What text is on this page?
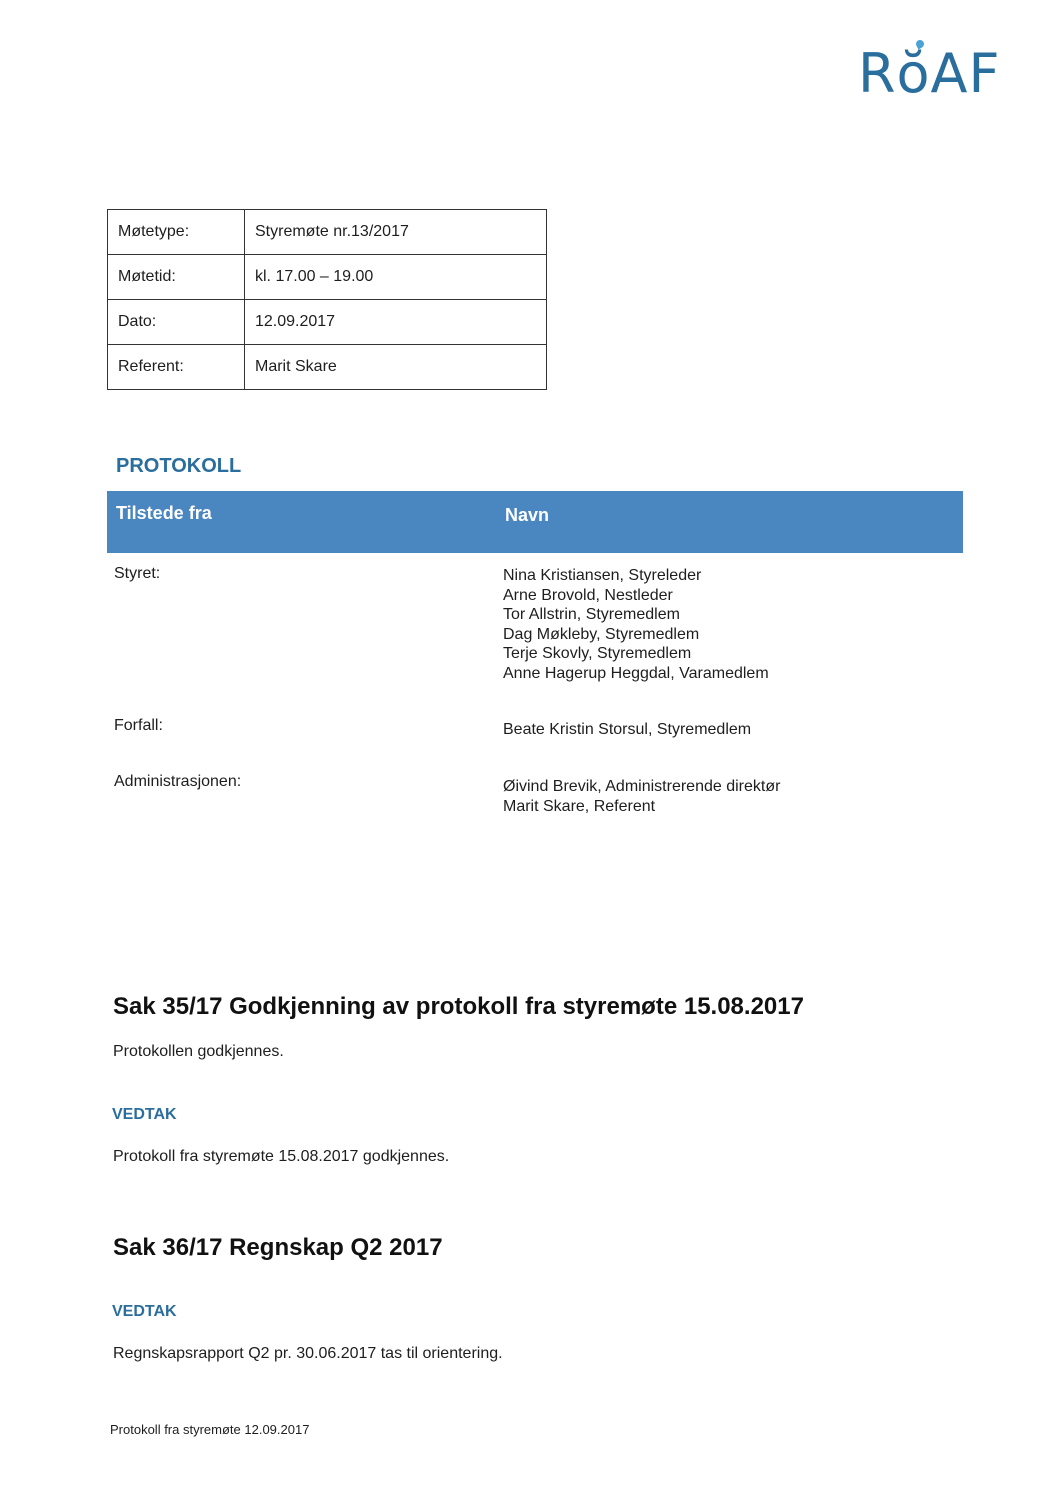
RŏAF
Møtetype:	Styremøte nr.13/2017
Møtetid:	kl. 17.00 – 19.00
Dato:	12.09.2017
Referent:	Marit Skare
PROTOKOLL
Tilstede fra	Navn
Styret:	Nina Kristiansen, Styreleder
Arne Brovold, Nestleder
Tor Allstrin, Styremedlem
Dag Møkleby, Styremedlem
Terje Skovly, Styremedlem
Anne Hagerup Heggdal, Varamedlem
Forfall:	Beate Kristin Storsul, Styremedlem
Administrasjonen:	Øivind Brevik, Administrerende direktør
Marit Skare, Referent
Sak 35/17 Godkjenning av protokoll fra styremøte 15.08.2017
Protokollen godkjennes.
VEDTAK
Protokoll fra styremøte 15.08.2017 godkjennes.
Sak 36/17 Regnskap Q2 2017
VEDTAK
Regnskapsrapport Q2 pr. 30.06.2017 tas til orientering.
Protokoll fra styremøte 12.09.2017
